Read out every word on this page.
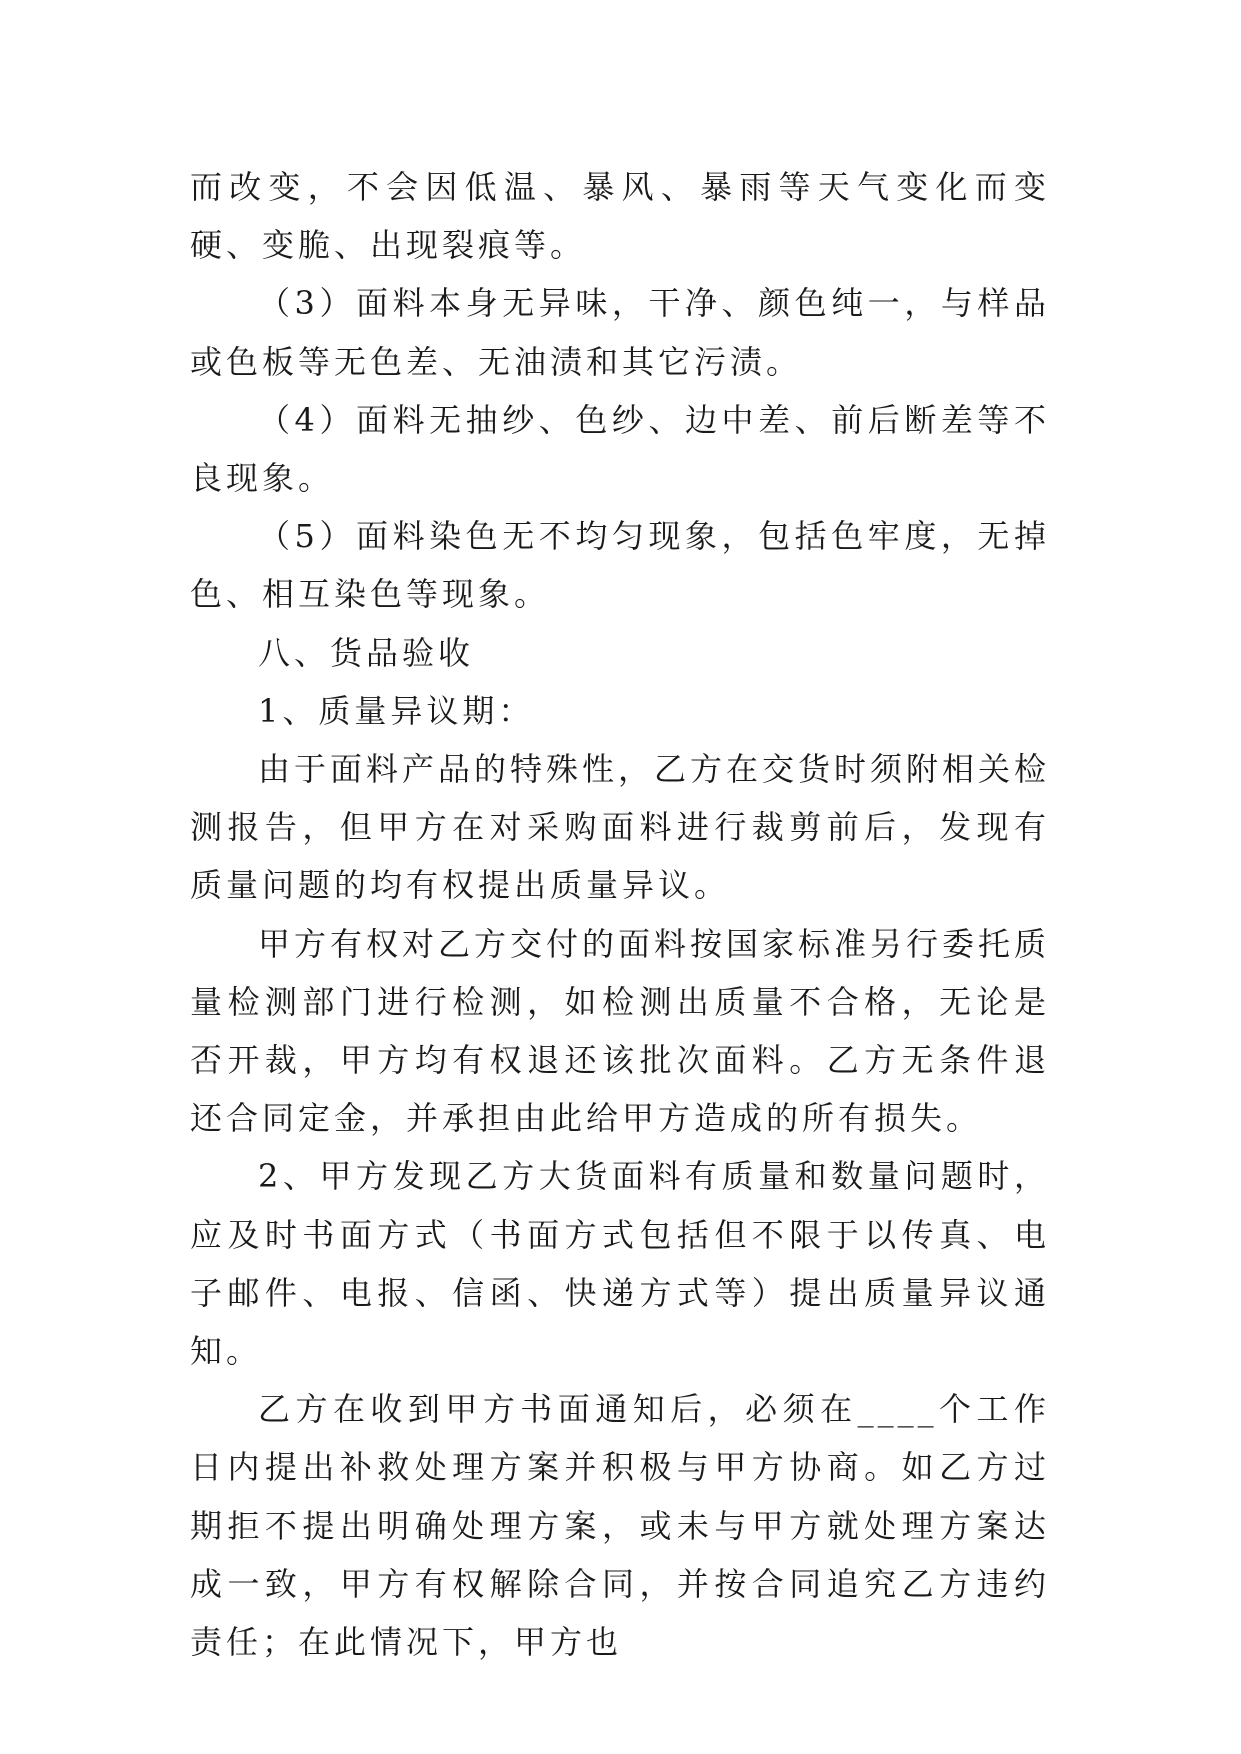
而改变，不会因低温、暴风、暴雨等天气变化而变硬、变脆、出现裂痕等。

（3）面料本身无异味，干净、颜色纯一，与样品或色板等无色差、无油渍和其它污渍。

（4）面料无抽纱、色纱、边中差、前后断差等不良现象。

（5）面料染色无不均匀现象，包括色牢度，无掉色、相互染色等现象。

八、货品验收

1、质量异议期：

由于面料产品的特殊性，乙方在交货时须附相关检测报告，但甲方在对采购面料进行裁剪前后，发现有质量问题的均有权提出质量异议。

甲方有权对乙方交付的面料按国家标准另行委托质量检测部门进行检测，如检测出质量不合格，无论是否开裁，甲方均有权退还该批次面料。乙方无条件退还合同定金，并承担由此给甲方造成的所有损失。

2、甲方发现乙方大货面料有质量和数量问题时，应及时书面方式（书面方式包括但不限于以传真、电子邮件、电报、信函、快递方式等）提出质量异议通知。

乙方在收到甲方书面通知后，必须在____个工作日内提出补救处理方案并积极与甲方协商。如乙方过期拒不提出明确处理方案，或未与甲方就处理方案达成一致，甲方有权解除合同，并按合同追究乙方违约责任；在此情况下，甲方也
